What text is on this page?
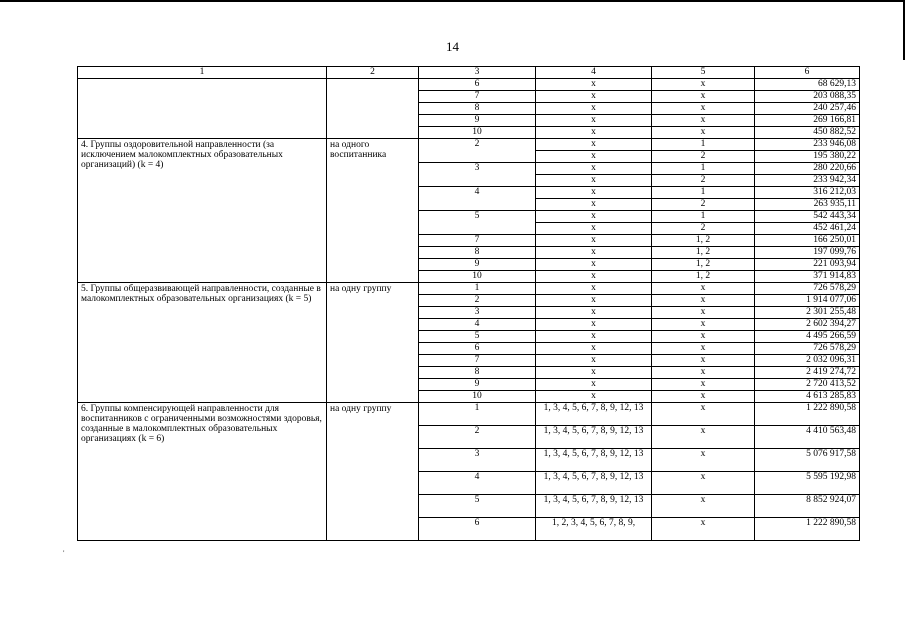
14
1	2	3	4	5	6
		6	x	x	68 629,13
		7	x	x	203 088,35
		8	x	x	240 257,46
		9	x	x	269 166,81
		10	x	x	450 882,52
4. Группы оздоровительной направленности (за исключением малокомплектных образовательных организаций) (k = 4)	на одного воспитанника	2	x	1	233 946,08
			x	2	195 380,22
		3	x	1	280 220,66
			x	2	233 942,34
		4	x	1	316 212,03
			x	2	263 935,11
		5	x	1	542 443,34
			x	2	452 461,24
		7	x	1, 2	166 250,01
		8	x	1, 2	197 099,76
		9	x	1, 2	221 093,94
		10	x	1, 2	371 914,83
5. Группы общеразвивающей направленности, созданные в малокомплектных образовательных организациях (k = 5)	на одну группу	1	x	x	726 578,29
		2	x	x	1 914 077,06
		3	x	x	2 301 255,48
		4	x	x	2 602 394,27
		5	x	x	4 495 266,59
		6	x	x	726 578,29
		7	x	x	2 032 096,31
		8	x	x	2 419 274,72
		9	x	x	2 720 413,52
		10	x	x	4 613 285,83
6. Группы компенсирующей направленности для воспитанников с ограниченными возможностями здоровья, созданные в малокомплектных образовательных организациях (k = 6)	на одну группу	1	1, 3, 4, 5, 6, 7, 8, 9, 12, 13	x	1 222 890,58
		2	1, 3, 4, 5, 6, 7, 8, 9, 12, 13	x	4 410 563,48
		3	1, 3, 4, 5, 6, 7, 8, 9, 12, 13	x	5 076 917,58
		4	1, 3, 4, 5, 6, 7, 8, 9, 12, 13	x	5 595 192,98
		5	1, 3, 4, 5, 6, 7, 8, 9, 12, 13	x	8 852 924,07
		6	1, 2, 3, 4, 5, 6, 7, 8, 9,	x	1 222 890,58
,
